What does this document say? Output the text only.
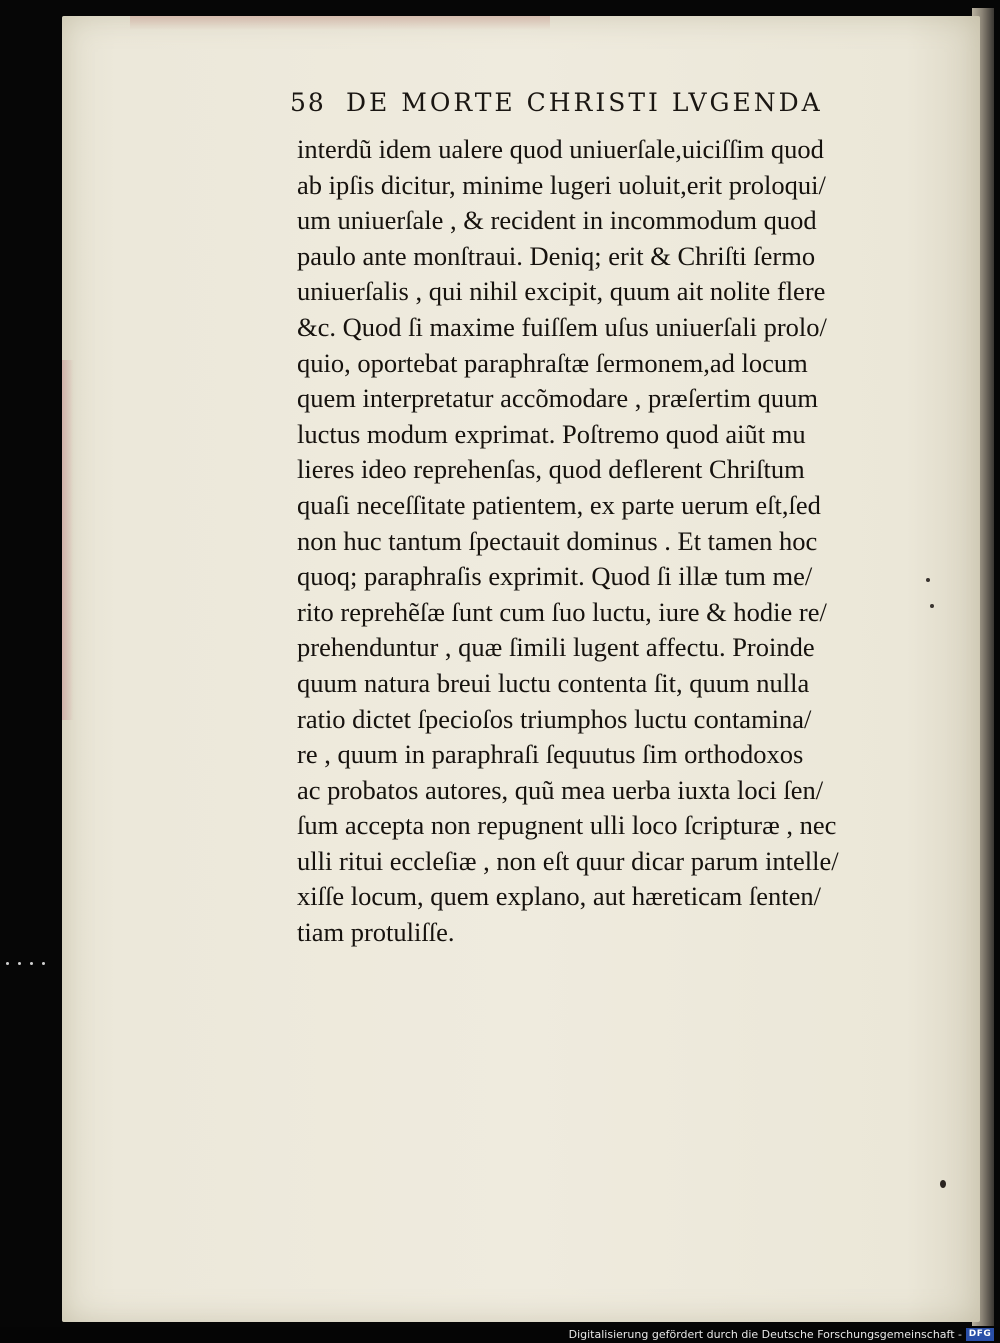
58 DE MORTE CHRISTI LVGENDA
interdũ idem ualere quod uniuerſale,uiciſſim quod
ab ipſis dicitur, minime lugeri uoluit,erit proloqui/
um uniuerſale , & recident in incommodum quod
paulo ante monſtraui. Deniq; erit & Chriſti ſermo
uniuerſalis , qui nihil excipit, quum ait nolite flere
&c. Quod ſi maxime fuiſſem uſus uniuerſali prolo/
quio, oportebat paraphraſtæ ſermonem,ad locum
quem interpretatur accõmodare , præſertim quum
luctus modum exprimat. Poſtremo quod aiũt mu
lieres ideo reprehenſas, quod deflerent Chriſtum
quaſi neceſſitate patientem, ex parte uerum eſt,ſed
non huc tantum ſpectauit dominus . Et tamen hoc
quoq; paraphraſis exprimit. Quod ſi illæ tum me/
rito reprehẽſæ ſunt cum ſuo luctu, iure & hodie re/
prehenduntur , quæ ſimili lugent affectu. Proinde
quum natura breui luctu contenta ſit, quum nulla
ratio dictet ſpecioſos triumphos luctu contamina/
re , quum in paraphraſi ſequutus ſim orthodoxos
ac probatos autores, quũ mea uerba iuxta loci ſen/
ſum accepta non repugnent ulli loco ſcripturæ , nec
ulli ritui eccleſiæ , non eſt quur dicar parum intelle/
xiſſe locum, quem explano, aut hæreticam ſenten/
tiam protuliſſe.
Digitalisierung gefördert durch die Deutsche Forschungsgemeinschaft - DFG
